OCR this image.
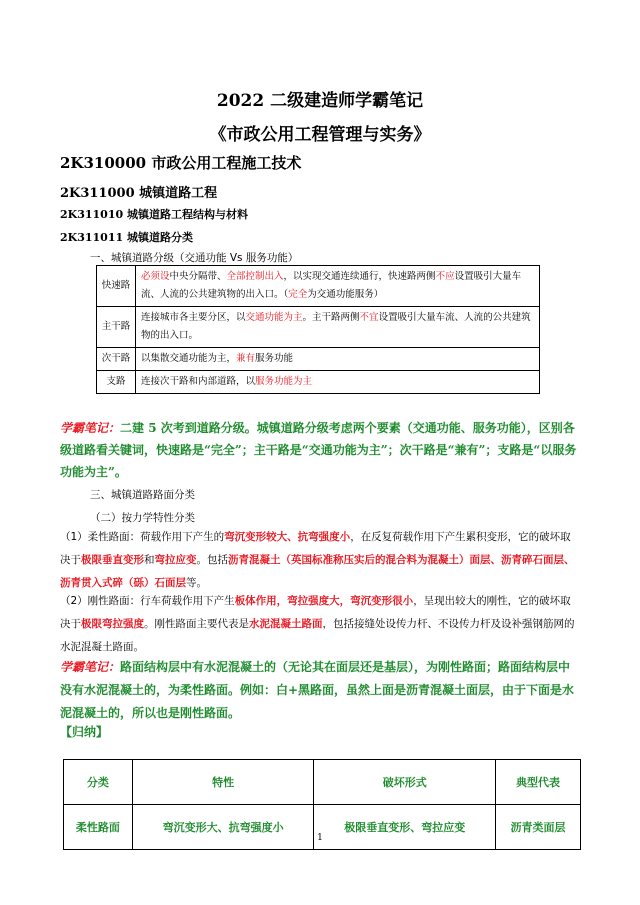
2022 二级建造师学霸笔记
《市政公用工程管理与实务》
2K310000 市政公用工程施工技术
2K311000 城镇道路工程
2K311010 城镇道路工程结构与材料
2K311011 城镇道路分类
一、城镇道路分级（交通功能 Vs 服务功能）
快速路	必须设中央分隔带、全部控制出入，以实现交通连续通行，快速路两侧不应设置吸引大量车流、人流的公共建筑物的出入口。（完全为交通功能服务）
主干路	连接城市各主要分区，以交通功能为主。主干路两侧不宜设置吸引大量车流、人流的公共建筑物的出入口。
次干路	以集散交通功能为主，兼有服务功能
支路	连接次干路和内部道路，以服务功能为主
学霸笔记：二建 5 次考到道路分级。城镇道路分级考虑两个要素（交通功能、服务功能），区别各级道路看关键词，快速路是“完全”；主干路是“交通功能为主”；次干路是“兼有”；支路是“以服务功能为主”。
三、城镇道路路面分类
（二）按力学特性分类
（1）柔性路面：荷载作用下产生的弯沉变形较大、抗弯强度小，在反复荷载作用下产生累积变形，它的破坏取决于极限垂直变形和弯拉应变。包括沥青混凝土（英国标准称压实后的混合料为混凝土）面层、沥青碎石面层、沥青贯入式碎（砾）石面层等。
（2）刚性路面：行车荷载作用下产生板体作用，弯拉强度大，弯沉变形很小，呈现出较大的刚性，它的破坏取决于极限弯拉强度。刚性路面主要代表是水泥混凝土路面，包括接缝处设传力杆、不设传力杆及设补强钢筋网的水泥混凝土路面。
学霸笔记：路面结构层中有水泥混凝土的（无论其在面层还是基层），为刚性路面；路面结构层中没有水泥混凝土的，为柔性路面。例如：白+黑路面，虽然上面是沥青混凝土面层，由于下面是水泥混凝土的，所以也是刚性路面。
【归纳】
分类	特性	破坏形式	典型代表
柔性路面	弯沉变形大、抗弯强度小	极限垂直变形、弯拉应变	沥青类面层
1
